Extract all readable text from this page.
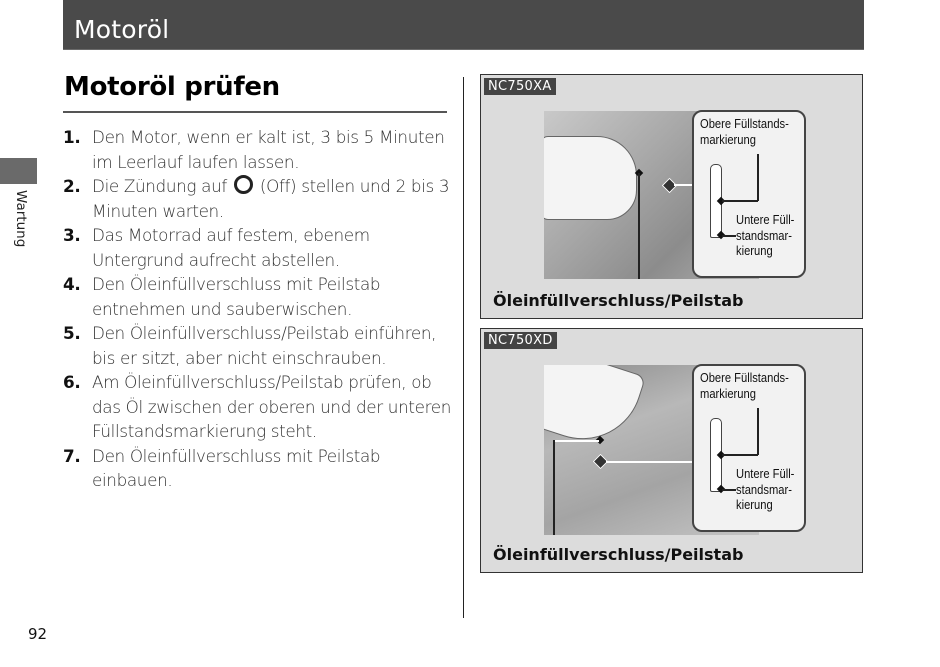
Motoröl
Wartung
Motoröl prüfen
1. Den Motor, wenn er kalt ist, 3 bis 5 Minuten im Leerlauf laufen lassen.
2. Die Zündung auf (Off) stellen und 2 bis 3 Minuten warten.
3. Das Motorrad auf festem, ebenem Untergrund aufrecht abstellen.
4. Den Öleinfüllverschluss mit Peilstab entnehmen und sauberwischen.
5. Den Öleinfüllverschluss/Peilstab einführen, bis er sitzt, aber nicht einschrauben.
6. Am Öleinfüllverschluss/Peilstab prüfen, ob das Öl zwischen der oberen und der unteren Füllstandsmarkierung steht.
7. Den Öleinfüllverschluss mit Peilstab einbauen.
NC750XA
Obere Füllstands-
markierung
Untere Füll-
standsmar-
kierung
Öleinfüllverschluss/Peilstab
NC750XD
Obere Füllstands-
markierung
Untere Füll-
standsmar-
kierung
Öleinfüllverschluss/Peilstab
92
